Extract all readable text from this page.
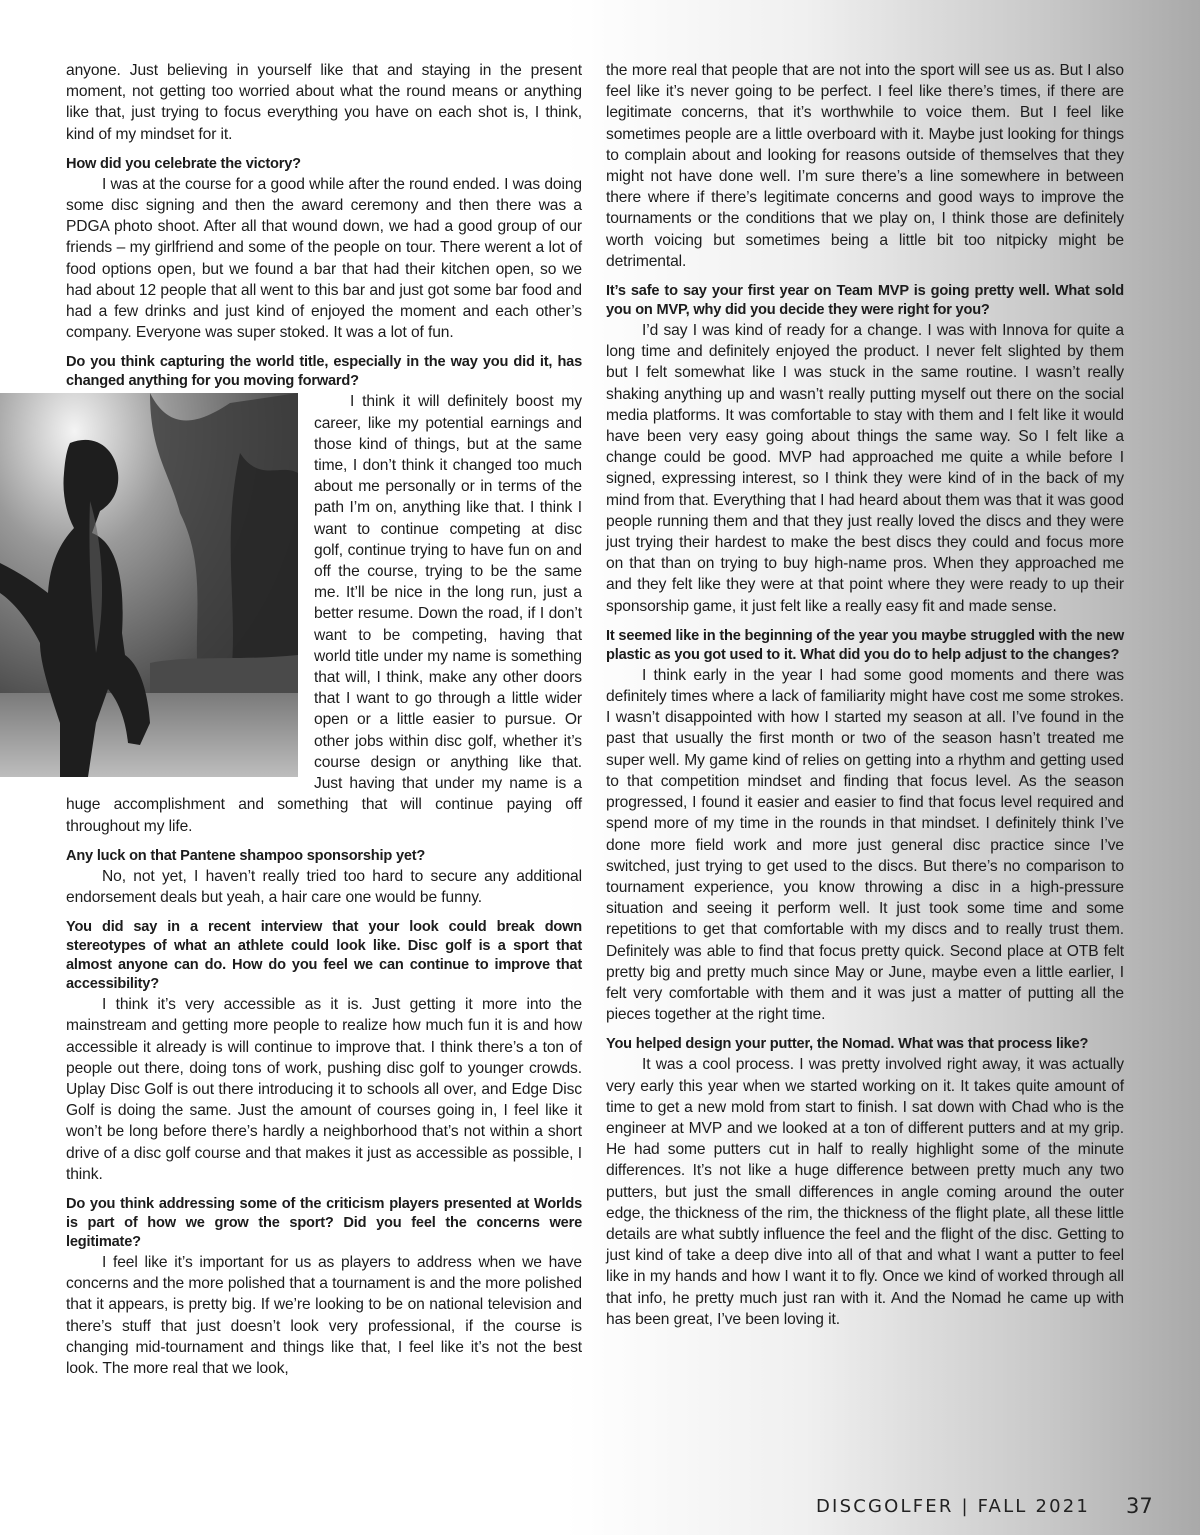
anyone. Just believing in yourself like that and staying in the present moment, not getting too worried about what the round means or anything like that, just trying to focus everything you have on each shot is, I think, kind of my mindset for it.

How did you celebrate the victory?

I was at the course for a good while after the round ended. I was doing some disc signing and then the award ceremony and then there was a PDGA photo shoot. After all that wound down, we had a good group of our friends – my girlfriend and some of the people on tour. There werent a lot of food options open, but we found a bar that had their kitchen open, so we had about 12 people that all went to this bar and just got some bar food and had a few drinks and just kind of enjoyed the moment and each other’s company. Everyone was super stoked. It was a lot of fun.

Do you think capturing the world title, especially in the way you did it, has changed anything for you moving forward?

I think it will definitely boost my career, like my potential earnings and those kind of things, but at the same time, I don’t think it changed too much about me personally or in terms of the path I’m on, anything like that. I think I want to continue competing at disc golf, continue trying to have fun on and off the course, trying to be the same me. It’ll be nice in the long run, just a better resume. Down the road, if I don’t want to be competing, having that world title under my name is something that will, I think, make any other doors that I want to go through a little wider open or a little easier to pursue. Or other jobs within disc golf, whether it’s course design or anything like that. Just having that under my name is a huge accomplishment and something that will continue paying off throughout my life.

Any luck on that Pantene shampoo sponsorship yet?

No, not yet, I haven’t really tried too hard to secure any additional endorsement deals but yeah, a hair care one would be funny.

You did say in a recent interview that your look could break down stereotypes of what an athlete could look like. Disc golf is a sport that almost anyone can do. How do you feel we can continue to improve that accessibility?

I think it’s very accessible as it is. Just getting it more into the mainstream and getting more people to realize how much fun it is and how accessible it already is will continue to improve that. I think there’s a ton of people out there, doing tons of work, pushing disc golf to younger crowds. Uplay Disc Golf is out there introducing it to schools all over, and Edge Disc Golf is doing the same. Just the amount of courses going in, I feel like it won’t be long before there’s hardly a neighborhood that’s not within a short drive of a disc golf course and that makes it just as accessible as possible, I think.

Do you think addressing some of the criticism players presented at Worlds is part of how we grow the sport? Did you feel the concerns were legitimate?

I feel like it’s important for us as players to address when we have concerns and the more polished that a tournament is and the more polished that it appears, is pretty big. If we’re looking to be on national television and there’s stuff that just doesn’t look very professional, if the course is changing mid-tournament and things like that, I feel like it’s not the best look. The more real that we look,

the more real that people that are not into the sport will see us as. But I also feel like it’s never going to be perfect. I feel like there’s times, if there are legitimate concerns, that it’s worthwhile to voice them. But I feel like sometimes people are a little overboard with it. Maybe just looking for things to complain about and looking for reasons outside of themselves that they might not have done well. I’m sure there’s a line somewhere in between there where if there’s legitimate concerns and good ways to improve the tournaments or the conditions that we play on, I think those are definitely worth voicing but sometimes being a little bit too nitpicky might be detrimental.

It’s safe to say your first year on Team MVP is going pretty well. What sold you on MVP, why did you decide they were right for you?

I’d say I was kind of ready for a change. I was with Innova for quite a long time and definitely enjoyed the product. I never felt slighted by them but I felt somewhat like I was stuck in the same routine. I wasn’t really shaking anything up and wasn’t really putting myself out there on the social media platforms. It was comfortable to stay with them and I felt like it would have been very easy going about things the same way. So I felt like a change could be good. MVP had approached me quite a while before I signed, expressing interest, so I think they were kind of in the back of my mind from that. Everything that I had heard about them was that it was good people running them and that they just really loved the discs and they were just trying their hardest to make the best discs they could and focus more on that than on trying to buy high-name pros. When they approached me and they felt like they were at that point where they were ready to up their sponsorship game, it just felt like a really easy fit and made sense.

It seemed like in the beginning of the year you maybe struggled with the new plastic as you got used to it. What did you do to help adjust to the changes?

I think early in the year I had some good moments and there was definitely times where a lack of familiarity might have cost me some strokes. I wasn’t disappointed with how I started my season at all. I’ve found in the past that usually the first month or two of the season hasn’t treated me super well. My game kind of relies on getting into a rhythm and getting used to that competition mindset and finding that focus level. As the season progressed, I found it easier and easier to find that focus level required and spend more of my time in the rounds in that mindset. I definitely think I’ve done more field work and more just general disc practice since I’ve switched, just trying to get used to the discs. But there’s no comparison to tournament experience, you know throwing a disc in a high-pressure situation and seeing it perform well. It just took some time and some repetitions to get that comfortable with my discs and to really trust them. Definitely was able to find that focus pretty quick. Second place at OTB felt pretty big and pretty much since May or June, maybe even a little earlier, I felt very comfortable with them and it was just a matter of putting all the pieces together at the right time.

You helped design your putter, the Nomad. What was that process like?

It was a cool process. I was pretty involved right away, it was actually very early this year when we started working on it. It takes quite amount of time to get a new mold from start to finish. I sat down with Chad who is the engineer at MVP and we looked at a ton of different putters and at my grip. He had some putters cut in half to really highlight some of the minute differences. It’s not like a huge difference between pretty much any two putters, but just the small differences in angle coming around the outer edge, the thickness of the rim, the thickness of the flight plate, all these little details are what subtly influence the feel and the flight of the disc. Getting to just kind of take a deep dive into all of that and what I want a putter to feel like in my hands and how I want it to fly. Once we kind of worked through all that info, he pretty much just ran with it. And the Nomad he came up with has been great, I’ve been loving it.

DISCGOLFER | FALL 2021 37
